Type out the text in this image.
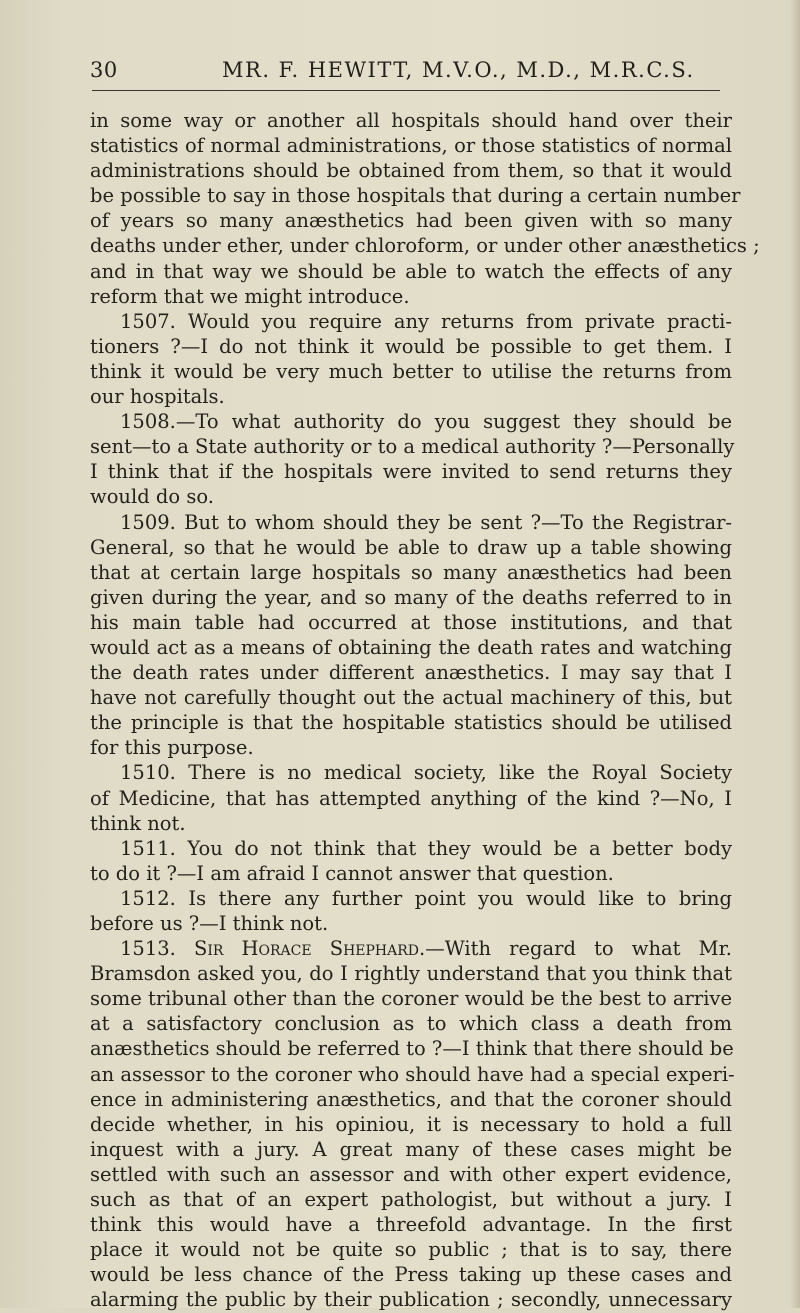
30	MR. F. HEWITT, M.V.O., M.D., M.R.C.S.
in some way or another all hospitals should hand over their
statistics of normal administrations, or those statistics of normal
administrations should be obtained from them, so that it would
be possible to say in those hospitals that during a certain number
of years so many anæsthetics had been given with so many
deaths under ether, under chloroform, or under other anæsthetics ;
and in that way we should be able to watch the effects of any
reform that we might introduce.
1507. Would you require any returns from private practi-
tioners ?—I do not think it would be possible to get them. I
think it would be very much better to utilise the returns from
our hospitals.
1508.—To what authority do you suggest they should be
sent—to a State authority or to a medical authority ?—Personally
I think that if the hospitals were invited to send returns they
would do so.
1509. But to whom should they be sent ?—To the Registrar-
General, so that he would be able to draw up a table showing
that at certain large hospitals so many anæsthetics had been
given during the year, and so many of the deaths referred to in
his main table had occurred at those institutions, and that
would act as a means of obtaining the death rates and watching
the death rates under different anæsthetics. I may say that I
have not carefully thought out the actual machinery of this, but
the principle is that the hospitable statistics should be utilised
for this purpose.
1510. There is no medical society, like the Royal Society
of Medicine, that has attempted anything of the kind ?—No, I
think not.
1511. You do not think that they would be a better body
to do it ?—I am afraid I cannot answer that question.
1512. Is there any further point you would like to bring
before us ?—I think not.
1513. Sir Horace Shephard.—With regard to what Mr.
Bramsdon asked you, do I rightly understand that you think that
some tribunal other than the coroner would be the best to arrive
at a satisfactory conclusion as to which class a death from
anæsthetics should be referred to ?—I think that there should be
an assessor to the coroner who should have had a special experi-
ence in administering anæsthetics, and that the coroner should
decide whether, in his opiniou, it is necessary to hold a full
inquest with a jury. A great many of these cases might be
settled with such an assessor and with other expert evidence,
such as that of an expert pathologist, but without a jury. I
think this would have a threefold advantage. In the first
place it would not be quite so public ; that is to say, there
would be less chance of the Press taking up these cases and
alarming the public by their publication ; secondly, unnecessary
